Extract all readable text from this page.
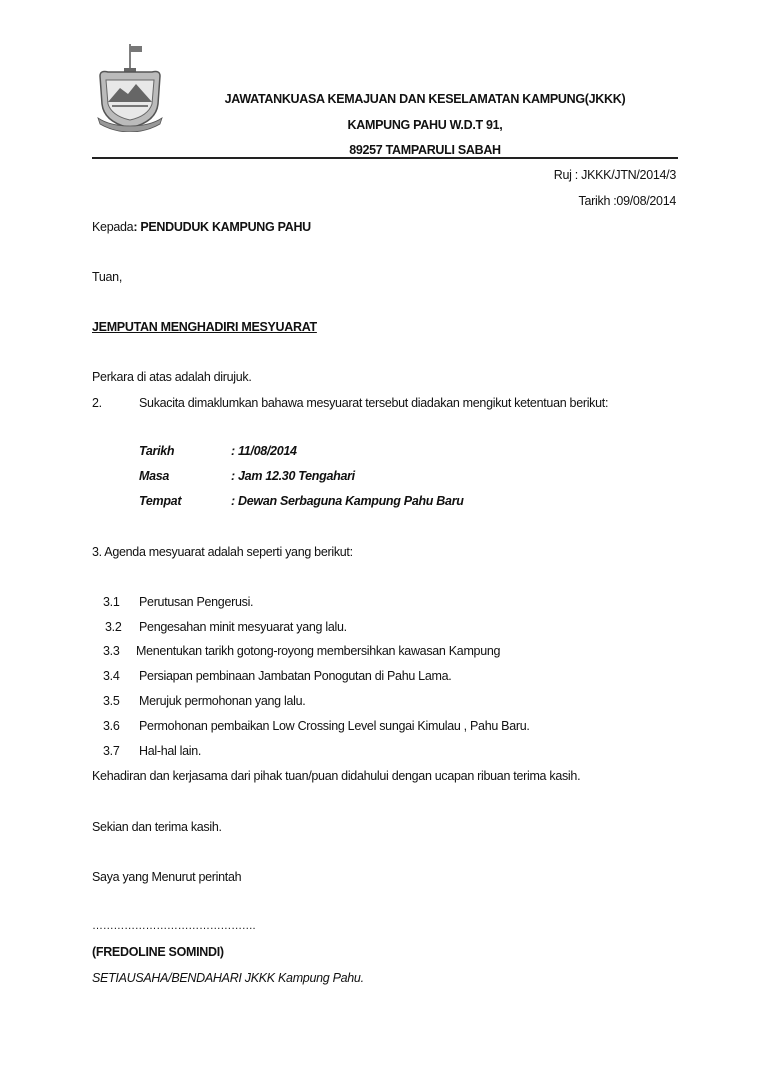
JAWATANKUASA KEMAJUAN DAN KESELAMATAN KAMPUNG(JKKK)
KAMPUNG PAHU W.D.T 91,
89257 TAMPARULI SABAH
Ruj : JKKK/JTN/2014/3
Tarikh :09/08/2014
Kepada: PENDUDUK KAMPUNG PAHU
Tuan,
JEMPUTAN MENGHADIRI MESYUARAT
Perkara di atas adalah dirujuk.
2.	Sukacita dimaklumkan bahawa mesyuarat tersebut diadakan mengikut ketentuan berikut:
Tarikh	: 11/08/2014
Masa	: Jam 12.30 Tengahari
Tempat	: Dewan Serbaguna Kampung Pahu Baru
3. Agenda mesyuarat adalah seperti yang berikut:
3.1 Perutusan Pengerusi.
3.2 Pengesahan minit mesyuarat yang lalu.
3.3 Menentukan tarikh gotong-royong membersihkan kawasan Kampung
3.4 Persiapan pembinaan Jambatan Ponogutan di Pahu Lama.
3.5 Merujuk permohonan yang lalu.
3.6 Permohonan pembaikan Low Crossing Level sungai Kimulau , Pahu Baru.
3.7 Hal-hal lain.
Kehadiran dan kerjasama dari pihak tuan/puan didahului dengan ucapan ribuan terima kasih.
Sekian dan terima kasih.
Saya yang Menurut perintah
……………………………………….
(FREDOLINE SOMINDI)
SETIAUSAHA/BENDAHARI JKKK Kampung Pahu.
